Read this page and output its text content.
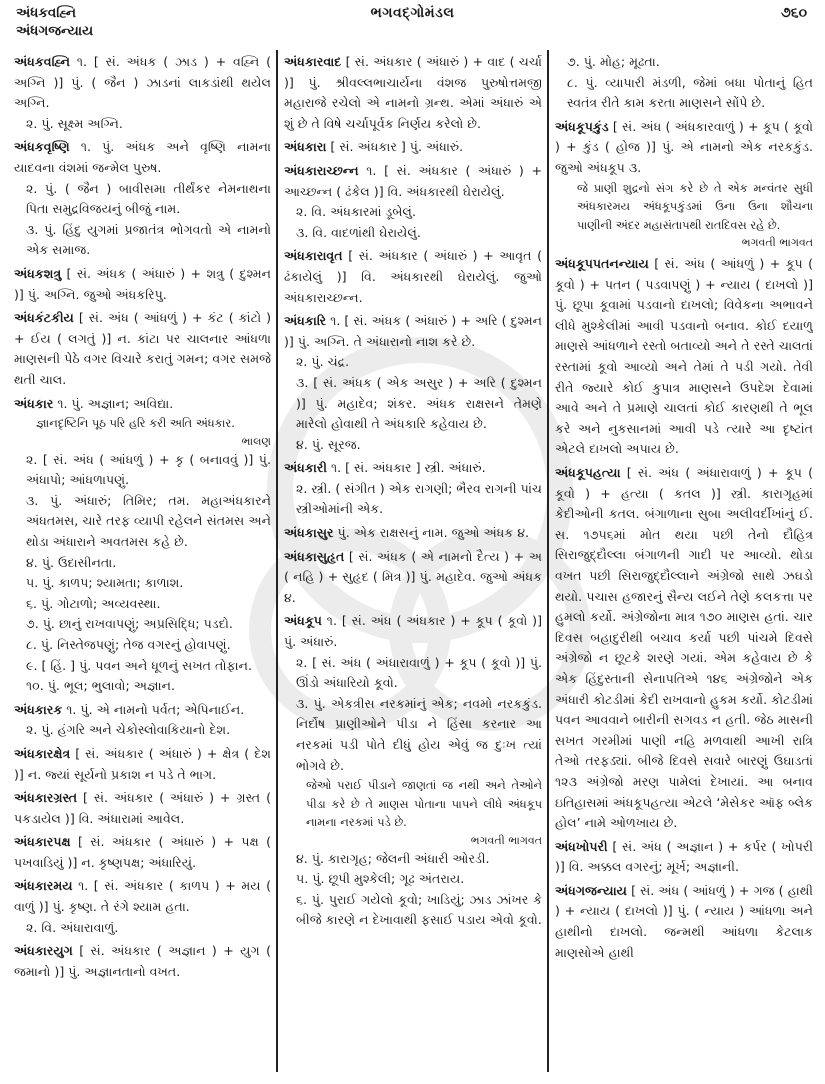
અંધકવહ્નિ
અંધગજન્યાય
ભગવદ્ગોમંડલ	૭૬૦
અંધકવહ્નિ ૧. [ સં. અંધક ( ઝાડ ) + વહ્નિ ( અગ્નિ )] પું. ( જૈન ) ઝાડનાં લાકડાંથી થયેલ અગ્નિ.
૨. પું. સૂક્ષ્મ અગ્નિ.
અંધકવૃષ્ણિ ૧. પું. અંધક અને વૃષ્ણિ નામના યાદવના વંશમાં જન્મેલ પુરુષ.
૨. પું. ( જૈન ) બાવીસમા તીર્થંકર નેમનાથના પિતા સમુદ્રવિજયનું બીજું નામ.
૩. પું. હિંદુ યુગમાં પ્રજાતંત્ર ભોગવતો એ નામનો એક સમાજ.
અંધકશત્રુ [ સં. અંધક ( અંધારું ) + શત્રુ ( દુશ્મન )] પું. અગ્નિ. જુઓ અંધકરિપુ.
અંધકંટકીય [ સં. અંધ ( આંધળું ) + કંટ ( કાંટો ) + ઈય ( લગતું )] ન. કાંટા પર ચાલનાર આંધળા માણસની પેઠે વગર વિચારે કરાતું ગમન; વગર સમજે થતી ચાલ.
અંધકાર ૧. પું. અજ્ઞાન; અવિદ્યા.
જ્ઞાનદૃષ્ટિનિ પૂઠ પરિ હરિ કરી અતિ અંધકાર.
ભાલણ
૨. [ સં. અંધ ( આંધળું ) + કૃ ( બનાવવું )] પું. અંધાપો; આંધળાપણું.
૩. પું. અંધારું; તિમિર; તમ. મહાઅંધકારને અંધતમસ, ચારે તરફ વ્યાપી રહેલને સંતમસ અને થોડા અંધારાને અવતમસ કહે છે.
૪. પું. ઉદાસીનતા.
૫. પું. કાળપ; શ્યામતા; કાળાશ.
૬. પું. ગોટાળો; અવ્યવસ્થા.
૭. પું. છાનું રાખવાપણું; અપ્રસિદ્ધિ; પડદો.
૮. પું. નિસ્તેજપણું; તેજ વગરનું હોવાપણું.
૯. [ હિં. ] પું. પવન અને ધૂળનું સખત તોફાન.
૧૦. પું. ભૂલ; ભુલાવો; અજ્ઞાન.
અંધકારક ૧. પું. એ નામનો પર્વત; એપિનાઈન.
૨. પું. હંગરિ અને ચેકોસ્લોવાકિયાનો દેશ.
અંધકારક્ષેત્ર [ સં. અંધકાર ( અંધારું ) + ક્ષેત્ર ( દેશ )] ન. જ્યાં સૂર્યનો પ્રકાશ ન પડે તે ભાગ.
અંધકારગ્રસ્ત [ સં. અંધકાર ( અંધારું ) + ગ્રસ્ત ( પકડાયેલ )] વિ. અંધારામાં આવેલ.
અંધકારપક્ષ [ સં. અંધકાર ( અંધારું ) + પક્ષ ( પખવાડિયું )] ન. કૃષ્ણપક્ષ; અંધારિયું.
અંધકારમય ૧. [ સં. અંધકાર ( કાળપ ) + મય ( વાળું )] પું. કૃષ્ણ. તે રંગે શ્યામ હતા.
૨. વિ. અંધારાવાળું.
અંધકારયુગ [ સં. અંધકાર ( અજ્ઞાન ) + યુગ ( જમાનો )] પું. અજ્ઞાનતાનો વખત.
અંધકારવાદ [ સં. અંધકાર ( અંધારું ) + વાદ ( ચર્ચા )] પું. શ્રીવલ્લભાચાર્યના વંશજ પુરુષોત્તમજી મહારાજે રચેલો એ નામનો ગ્રન્થ. એમાં અંધારું એ શું છે તે વિષે ચર્ચાપૂર્વક નિર્ણય કરેલો છે.
અંધકારા [ સં. અંધકાર ] પું. અંધારું.
અંધકારાચ્છન્ન ૧. [ સં. અંધકાર ( અંધારું ) + આચ્છન્ન ( ઢંકેલ )] વિ. અંધકારથી ઘેરાયેલું.
૨. વિ. અંધકારમાં ડૂબેલું.
૩. વિ. વાદળાંથી ઘેરાયેલું.
અંધકારાવૃત [ સં. અંધકાર ( અંધારું ) + આવૃત ( ઢંકાયેલું )] વિ. અંધકારથી ઘેરાયેલું. જુઓ અંધકારાચ્છન્ન.
અંધકારિ ૧. [ સં. અંધક ( અંધારું ) + અરિ ( દુશ્મન )] પું. અગ્નિ. તે અંધારાનો નાશ કરે છે.
૨. પું. ચંદ્ર.
૩. [ સં. અંધક ( એક અસુર ) + અરિ ( દુશ્મન )] પું. મહાદેવ; શંકર. અંધક રાક્ષસને તેમણે મારેલો હોવાથી તે અંધકારિ કહેવાય છે.
૪. પું. સૂરજ.
અંધકારી ૧. [ સં. અંધકાર ] સ્ત્રી. અંધારું.
૨. સ્ત્રી. ( સંગીત ) એક રાગણી; ભૈરવ રાગની પાંચ સ્ત્રીઓમાંની એક.
અંધકાસુર પું. એક રાક્ષસનું નામ. જુઓ અંધક ૪.
અંધકાસુહૃત [ સં. અંધક ( એ નામનો દૈત્ય ) + અ ( નહિ ) + સુહૃદ ( મિત્ર )] પું. મહાદેવ. જુઓ અંધક ૪.
અંધકૂપ ૧. [ સં. અંધ ( અંધકાર ) + કૂપ ( કૂવો )] પું. અંધારું.
૨. [ સં. અંધ ( અંધારાવાળું ) + કૂપ ( કૂવો )] પું. ઊંડો અંધારિયો કૂવો.
૩. પું. એકત્રીસ નરકમાંનું એક; નવમો નરકકુંડ. નિર્દોષ પ્રાણીઓને પીડા ને હિંસા કરનાર આ નરકમાં પડી પોતે દીધું હોય એવું જ દુઃખ ત્યાં ભોગવે છે.
જેઓ પરાઈ પીડાને જાણતાં જ નથી અને તેઓને પીડા કરે છે તે માણસ પોતાના પાપને લીધે અંધકૂપ નામના નરકમાં પડે છે.
ભગવતી ભાગવત
૪. પું. કારાગૃહ; જેલની અંધારી ઓરડી.
૫. પું. છૂપી મુશ્કેલી; ગૂઢ અંતરાય.
૬. પું. પુરાઈ ગયેલો કૂવો; ખાડિયું; ઝાડ ઝાંખર કે બીજે કારણે ન દેખાવાથી ફસાઈ પડાય એવો કૂવો.
૭. પું. મોહ; મૂઢતા.
૮. પું. વ્યાપારી મંડળી, જેમાં બધા પોતાનું હિત સ્વતંત્ર રીતે કામ કરતા માણસને સોંપે છે.
અંધકૂપકુંડ [ સં. અંધ ( અંધકારવાળું ) + કૂપ ( કૂવો ) + કુંડ ( હોજ )] પું. એ નામનો એક નરકકુંડ. જુઓ અંધકૂપ ૩.
જે પ્રાણી શુદ્રનો સંગ કરે છે તે એક મન્વંતર સુધી અંધકારમય અંધકૂપકુંડમાં ઉના ઉના શૌચના પાણીની અંદર મહાસંતાપથી રાતદિવસ રહે છે.
ભગવતી ભાગવત
અંધકૂપપતનન્યાય [ સં. અંધ ( આંધળું ) + કૂપ ( કૂવો ) + પતન ( પડવાપણું ) + ન્યાય ( દાખલો )] પું. છૂપા કૂવામાં પડવાનો દાખલો; વિવેકના અભાવને લીધે મુશ્કેલીમાં આવી પડવાનો બનાવ. કોઈ દયાળુ માણસે આંધળાને રસ્તો બતાવ્યો અને તે રસ્તે ચાલતાં રસ્તામાં કૂવો આવ્યો અને તેમાં તે પડી ગયો. તેવી રીતે જ્યારે કોઈ કુપાત્ર માણસને ઉપદેશ દેવામાં આવે અને તે પ્રમાણે ચાલતાં કોઈ કારણથી તે ભૂલ કરે અને નુકસાનમાં આવી પડે ત્યારે આ દૃષ્ટાંત એટલે દાખલો અપાય છે.
અંધકૂપહત્યા [ સં. અંધ ( અંધારાવાળું ) + કૂપ ( કૂવો ) + હત્યા ( કતલ )] સ્ત્રી. કારાગૃહમાં કેદીઓની કતલ. બંગાળાના સુબા અલીવર્દીખાંનું ઈ. સ. ૧૭૫૬માં મોત થયા પછી તેનો દૌહિત્ર સિરાજુદ્દૌલ્લા બંગાળની ગાદી પર આવ્યો. થોડા વખત પછી સિરાજુદ્દૌલ્લાને અંગ્રેજો સાથે ઝઘડો થયો. પચાસ હજારનું સૈન્ય લઈને તેણે કલકત્તા પર હુમલો કર્યો. અંગ્રેજોના માત્ર ૧૭૦ માણસ હતાં. ચાર દિવસ બહાદુરીથી બચાવ કર્યા પછી પાંચમે દિવસે અંગ્રેજો ન છૂટકે શરણે ગયાં. એમ કહેવાય છે કે એક હિંદુસ્તાની સેનાપતિએ ૧૪૬ અંગ્રેજોને એક અંધારી કોટડીમાં કેદી રાખવાનો હુકમ કર્યો. કોટડીમાં પવન આવવાને બારીની સગવડ ન હતી. જેઠ માસની સખત ગરમીમાં પાણી નહિ મળવાથી આખી રાત્રિ તેઓ તરફડ્યાં. બીજે દિવસે સવારે બારણું ઉઘાડતાં ૧૨૩ અંગ્રેજો મરણ પામેલાં દેખાયાં. આ બનાવ ઇતિહાસમાં અંધકૂપહત્યા એટલે ‘મેસેકર ઑફ બ્લેક હોલ’ નામે ઓળખાય છે.
અંધખોપરી [ સં. અંધ ( અજ્ઞાન ) + કર્પર ( ખોપરી )] વિ. અક્કલ વગરનું; મૂર્ખ; અજ્ઞાની.
અંધગજન્યાય [ સં. અંધ ( આંધળું ) + ગજ ( હાથી ) + ન્યાય ( દાખલો )] પું. ( ન્યાય ) આંધળા અને હાથીનો દાખલો. જન્મથી આંધળા કેટલાક માણસોએ હાથી
